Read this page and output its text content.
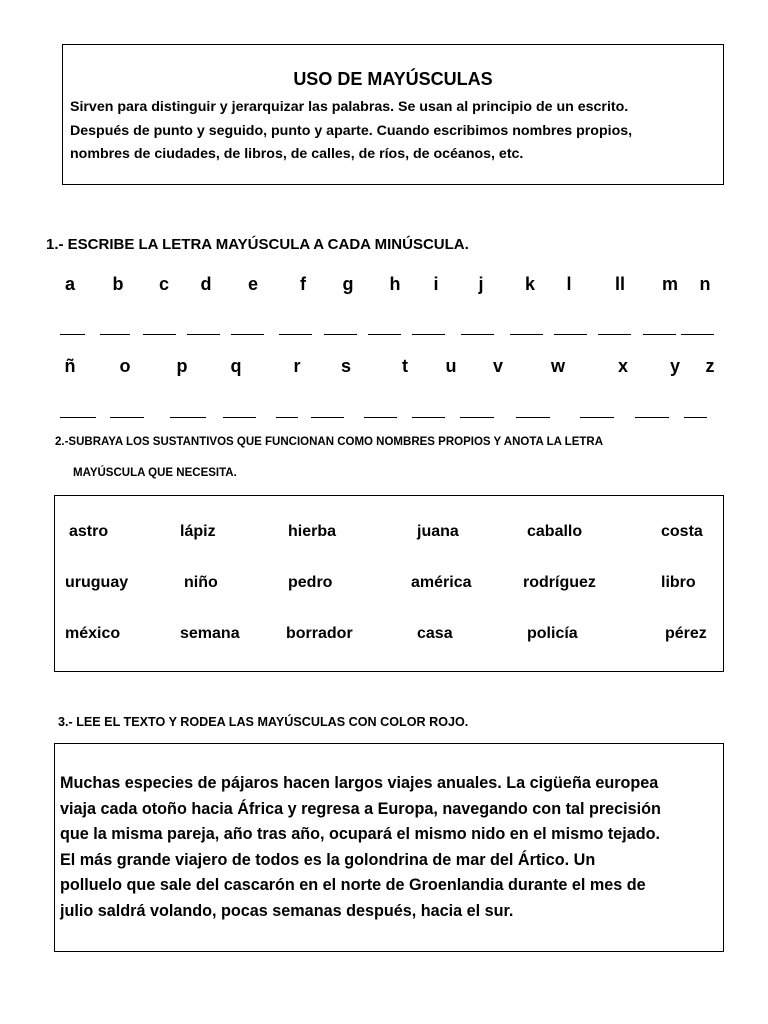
USO DE MAYÚSCULAS
Sirven para distinguir y jerarquizar las palabras. Se usan al principio de un escrito.
Después de punto y seguido, punto y aparte. Cuando escribimos nombres propios,
nombres de ciudades, de libros, de calles, de ríos, de océanos, etc.
1.- ESCRIBE LA LETRA MAYÚSCULA A CADA MINÚSCULA.
a b c d e f g h i j k l ll m n
ñ o	p q	r s	t u v	w	x y z
2.-SUBRAYA LOS SUSTANTIVOS QUE FUNCIONAN COMO NOMBRES PROPIOS Y ANOTA LA LETRA
MAYÚSCULA QUE NECESITA.
astro	lápiz	hierba	juana	caballo	costa
uruguay	niño	pedro	américa	rodríguez	libro
méxico	semana	borrador	casa	policía	pérez
3.- LEE EL TEXTO Y RODEA LAS MAYÚSCULAS CON COLOR ROJO.
Muchas especies de pájaros hacen largos viajes anuales. La cigüeña europea
viaja cada otoño hacia África y regresa a Europa, navegando con tal precisión
que la misma pareja, año tras año, ocupará el mismo nido en el mismo tejado.
El más grande viajero de todos es la golondrina de mar del Ártico. Un
polluelo que sale del cascarón en el norte de Groenlandia durante el mes de
julio saldrá volando, pocas semanas después, hacia el sur.
